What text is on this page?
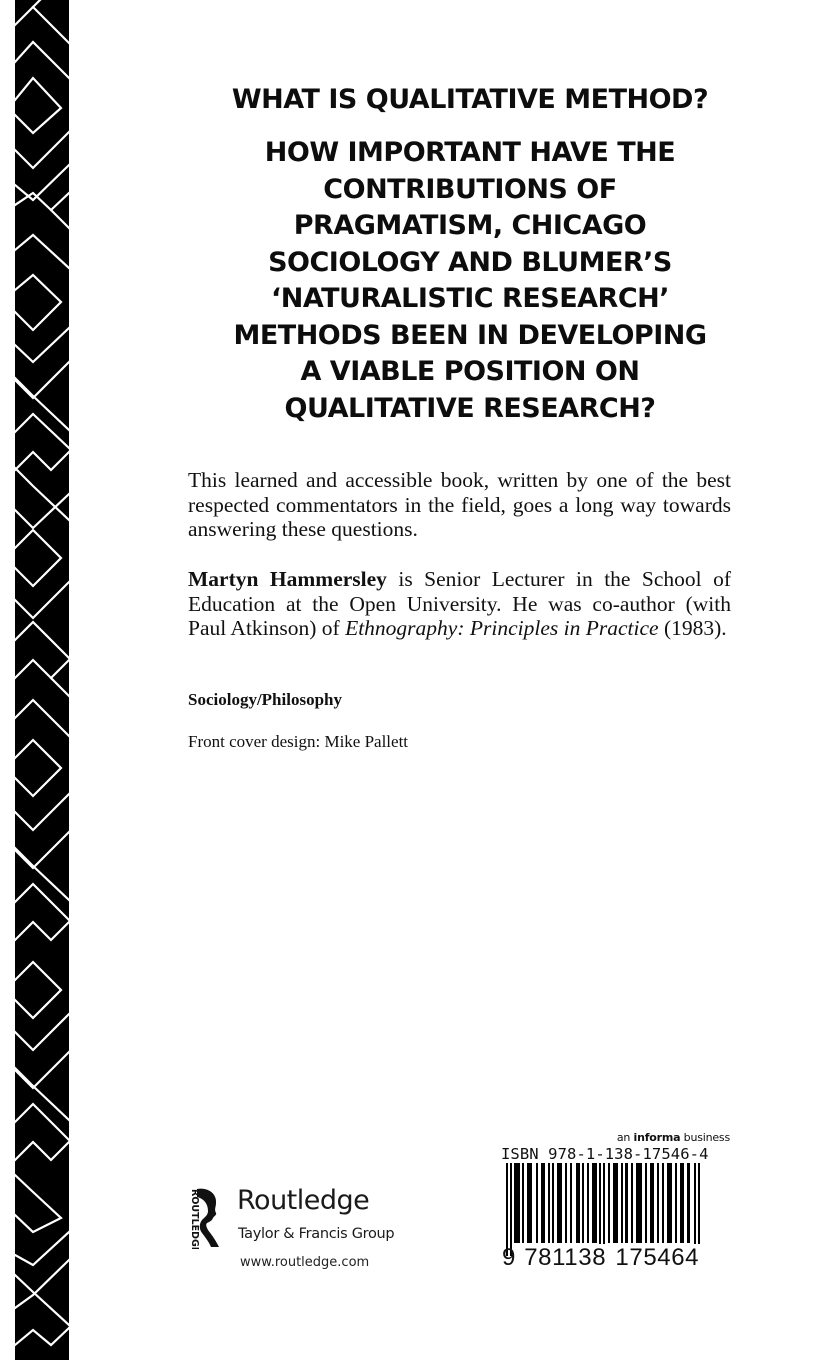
WHAT IS QUALITATIVE METHOD?
HOW IMPORTANT HAVE THE
CONTRIBUTIONS OF
PRAGMATISM, CHICAGO
SOCIOLOGY AND BLUMER’S
‘NATURALISTIC RESEARCH’
METHODS BEEN IN DEVELOPING
A VIABLE POSITION ON
QUALITATIVE RESEARCH?

This learned and accessible book, written by one of the best respected commentators in the field, goes a long way towards answering these questions.

Martyn Hammersley is Senior Lecturer in the School of Education at the Open University. He was co-author (with Paul Atkinson) of Ethnography: Principles in Practice (1983).

Sociology/Philosophy
Front cover design: Mike Pallett
ROUTLEDGE Routledge
Taylor & Francis Group
www.routledge.com
an informa business
ISBN 978-1-138-17546-4
9 781138 175464
